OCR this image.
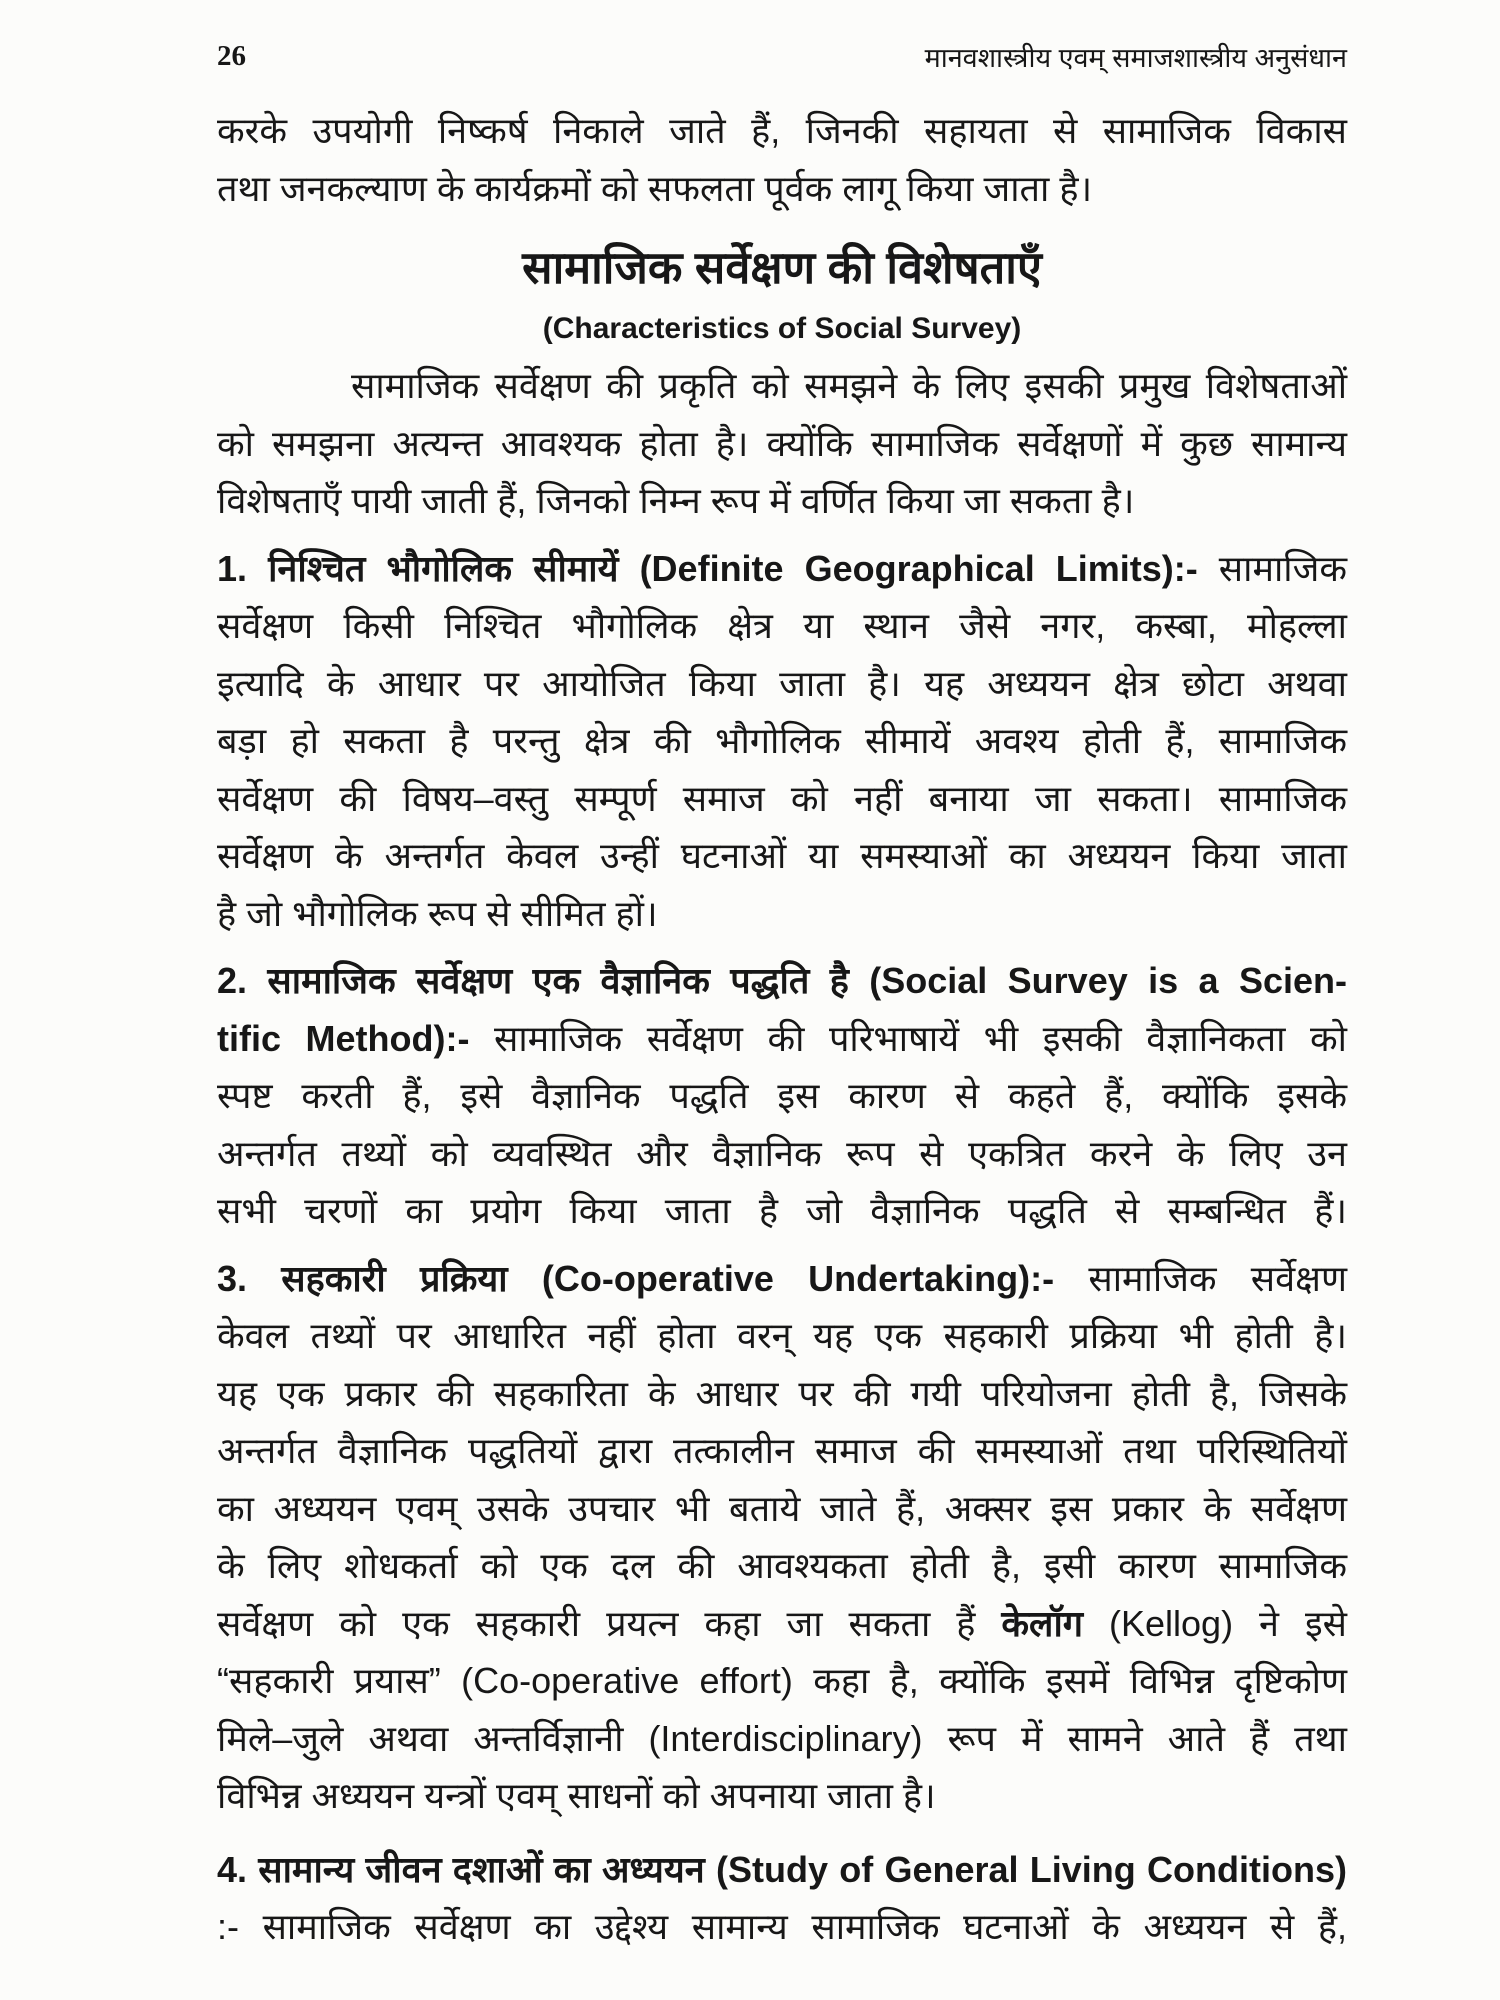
26	मानवशास्त्रीय एवम् समाजशास्त्रीय अनुसंधान
करके उपयोगी निष्कर्ष निकाले जाते हैं, जिनकी सहायता से सामाजिक विकास
तथा जनकल्याण के कार्यक्रमों को सफलता पूर्वक लागू किया जाता है।
सामाजिक सर्वेक्षण की विशेषताएँ
(Characteristics of Social Survey)
सामाजिक सर्वेक्षण की प्रकृति को समझने के लिए इसकी प्रमुख विशेषताओं
को समझना अत्यन्त आवश्यक होता है। क्योंकि सामाजिक सर्वेक्षणों में कुछ सामान्य
विशेषताएँ पायी जाती हैं, जिनको निम्न रूप में वर्णित किया जा सकता है।
1. निश्चित भौगोलिक सीमायें (Definite Geographical Limits):- सामाजिक
सर्वेक्षण किसी निश्चित भौगोलिक क्षेत्र या स्थान जैसे नगर, कस्बा, मोहल्ला
इत्यादि के आधार पर आयोजित किया जाता है। यह अध्ययन क्षेत्र छोटा अथवा
बड़ा हो सकता है परन्तु क्षेत्र की भौगोलिक सीमायें अवश्य होती हैं, सामाजिक
सर्वेक्षण की विषय–वस्तु सम्पूर्ण समाज को नहीं बनाया जा सकता। सामाजिक
सर्वेक्षण के अन्तर्गत केवल उन्हीं घटनाओं या समस्याओं का अध्ययन किया जाता
है जो भौगोलिक रूप से सीमित हों।
2. सामाजिक सर्वेक्षण एक वैज्ञानिक पद्धति है (Social Survey is a Scien-
tific Method):- सामाजिक सर्वेक्षण की परिभाषायें भी इसकी वैज्ञानिकता को
स्पष्ट करती हैं, इसे वैज्ञानिक पद्धति इस कारण से कहते हैं, क्योंकि इसके
अन्तर्गत तथ्यों को व्यवस्थित और वैज्ञानिक रूप से एकत्रित करने के लिए उन
सभी चरणों का प्रयोग किया जाता है जो वैज्ञानिक पद्धति से सम्बन्धित हैं।
3. सहकारी प्रक्रिया (Co-operative Undertaking):- सामाजिक सर्वेक्षण
केवल तथ्यों पर आधारित नहीं होता वरन् यह एक सहकारी प्रक्रिया भी होती है।
यह एक प्रकार की सहकारिता के आधार पर की गयी परियोजना होती है, जिसके
अन्तर्गत वैज्ञानिक पद्धतियों द्वारा तत्कालीन समाज की समस्याओं तथा परिस्थितियों
का अध्ययन एवम् उसके उपचार भी बताये जाते हैं, अक्सर इस प्रकार के सर्वेक्षण
के लिए शोधकर्ता को एक दल की आवश्यकता होती है, इसी कारण सामाजिक
सर्वेक्षण को एक सहकारी प्रयत्न कहा जा सकता हैं केलॉग (Kellog) ने इसे
“सहकारी प्रयास” (Co-operative effort) कहा है, क्योंकि इसमें विभिन्न दृष्टिकोण
मिले–जुले अथवा अन्तर्विज्ञानी (Interdisciplinary) रूप में सामने आते हैं तथा
विभिन्न अध्ययन यन्त्रों एवम् साधनों को अपनाया जाता है।
4. सामान्य जीवन दशाओं का अध्ययन (Study of General Living Conditions)
:- सामाजिक सर्वेक्षण का उद्देश्य सामान्य सामाजिक घटनाओं के अध्ययन से हैं,
